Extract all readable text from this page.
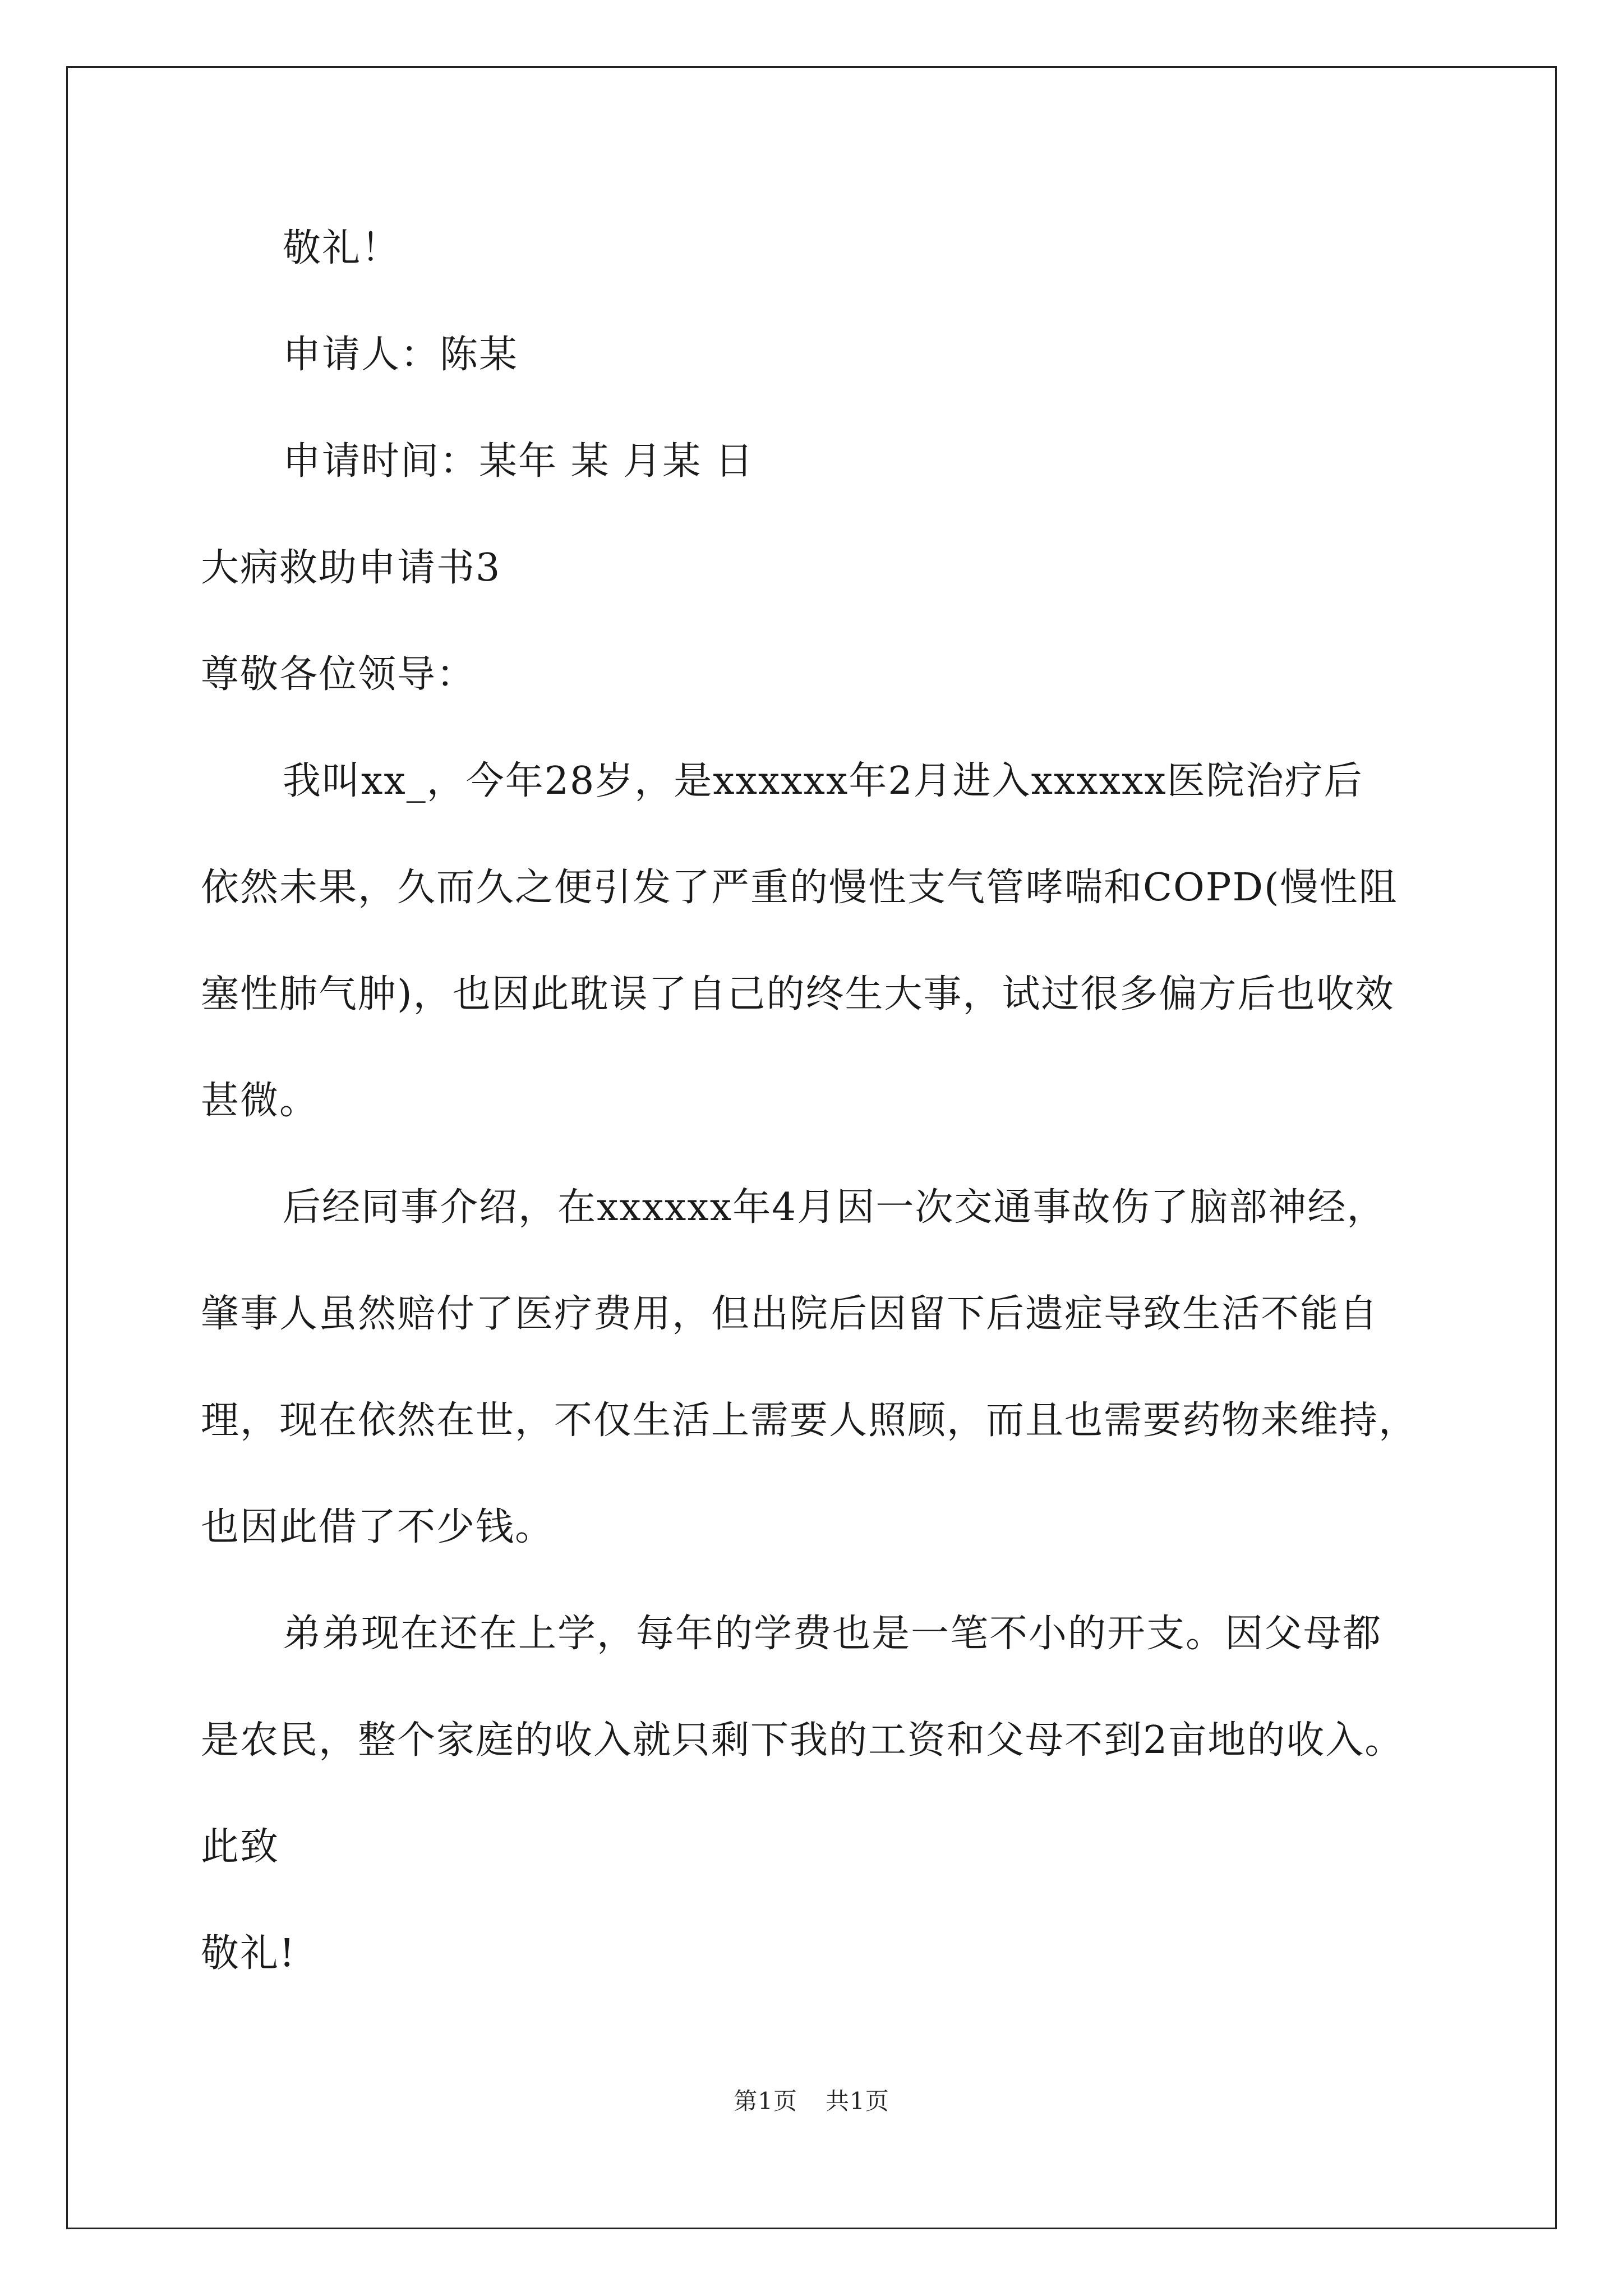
敬礼！

申请人：陈某

申请时间：某年 某 月某 日

大病救助申请书3

尊敬各位领导：

我叫xx_，今年28岁，是xxxxxx年2月进入xxxxxx医院治疗后

依然未果，久而久之便引发了严重的慢性支气管哮喘和COPD(慢性阻

塞性肺气肿)，也因此耽误了自己的终生大事，试过很多偏方后也收效

甚微。

后经同事介绍，在xxxxxx年4月因一次交通事故伤了脑部神经，

肇事人虽然赔付了医疗费用，但出院后因留下后遗症导致生活不能自

理，现在依然在世，不仅生活上需要人照顾，而且也需要药物来维持，

也因此借了不少钱。

弟弟现在还在上学，每年的学费也是一笔不小的开支。因父母都

是农民，整个家庭的收入就只剩下我的工资和父母不到2亩地的收入。

此致

敬礼!

第1页 共1页
